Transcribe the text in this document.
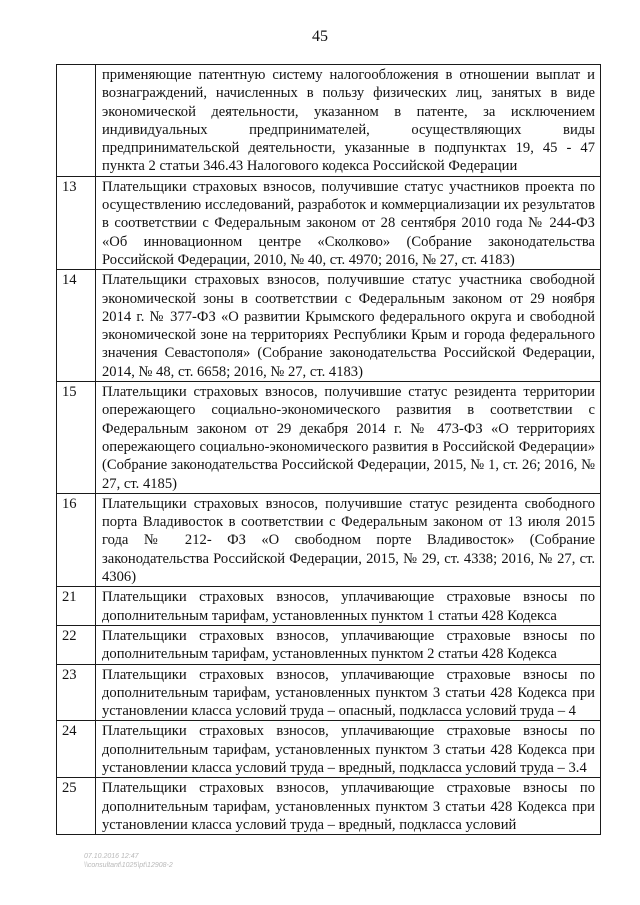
45
	применяющие патентную систему налогообложения в отношении выплат и вознаграждений, начисленных в пользу физических лиц, занятых в виде экономической деятельности, указанном в патенте, за исключением индивидуальных предпринимателей, осуществляющих виды предпринимательской деятельности, указанные в подпунктах 19, 45 - 47 пункта 2 статьи 346.43 Налогового кодекса Российской Федерации
13	Плательщики страховых взносов, получившие статус участников проекта по осуществлению исследований, разработок и коммерциализации их результатов в соответствии с Федеральным законом от 28 сентября 2010 года № 244-ФЗ «Об инновационном центре «Сколково» (Собрание законодательства Российской Федерации, 2010, № 40, ст. 4970; 2016, № 27, ст. 4183)
14	Плательщики страховых взносов, получившие статус участника свободной экономической зоны в соответствии с Федеральным законом от 29 ноября 2014 г. № 377-ФЗ «О развитии Крымского федерального округа и свободной экономической зоне на территориях Республики Крым и города федерального значения Севастополя» (Собрание законодательства Российской Федерации, 2014, № 48, ст. 6658; 2016, № 27, ст. 4183)
15	Плательщики страховых взносов, получившие статус резидента территории опережающего социально-экономического развития в соответствии с Федеральным законом от 29 декабря 2014 г. № 473-ФЗ «О территориях опережающего социально-экономического развития в Российской Федерации» (Собрание законодательства Российской Федерации, 2015, № 1, ст. 26; 2016, № 27, ст. 4185)
16	Плательщики страховых взносов, получившие статус резидента свободного порта Владивосток в соответствии с Федеральным законом от 13 июля 2015 года № 212- ФЗ «О свободном порте Владивосток» (Собрание законодательства Российской Федерации, 2015, № 29, ст. 4338; 2016, № 27, ст. 4306)
21	Плательщики страховых взносов, уплачивающие страховые взносы по дополнительным тарифам, установленных пунктом 1 статьи 428 Кодекса
22	Плательщики страховых взносов, уплачивающие страховые взносы по дополнительным тарифам, установленных пунктом 2 статьи 428 Кодекса
23	Плательщики страховых взносов, уплачивающие страховые взносы по дополнительным тарифам, установленных пунктом 3 статьи 428 Кодекса при установлении класса условий труда – опасный, подкласса условий труда – 4
24	Плательщики страховых взносов, уплачивающие страховые взносы по дополнительным тарифам, установленных пунктом 3 статьи 428 Кодекса при установлении класса условий труда – вредный, подкласса условий труда – 3.4
25	Плательщики страховых взносов, уплачивающие страховые взносы по дополнительным тарифам, установленных пунктом 3 статьи 428 Кодекса при установлении класса условий труда – вредный, подкласса условий
07.10.2016 12:47
\\consultant\1025\pt\12908-2
